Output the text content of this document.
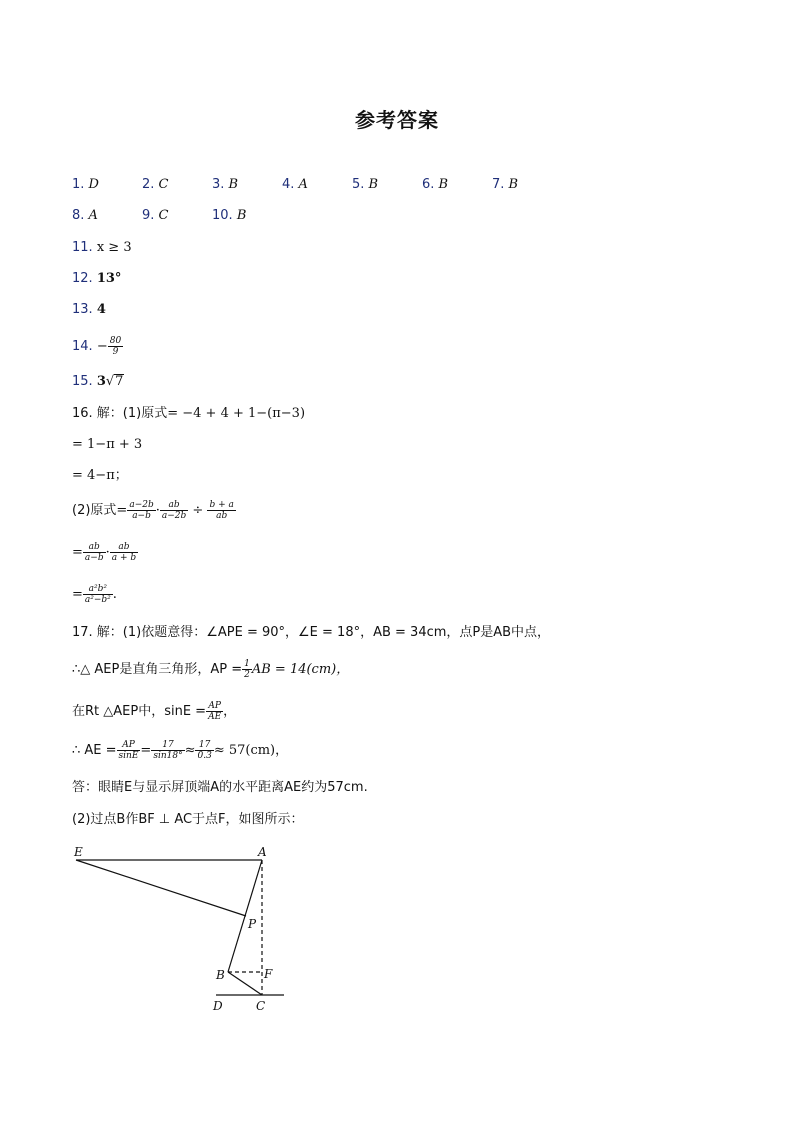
参考答案
1. D	2. C	3. B	4. A	5. B	6. B	7. B
8. A	9. C	10. B
11. x ≥ 3
12. 13°
13. 4
14. − $\frac{80}{9}$
15. 3√7
16. 解：(1)原式= −4 + 4 + 1−(π−3)
= 1−π + 3
= 4−π；
(2)原式= $\frac{a-2b}{a-b} \cdot \frac{ab}{a-2b} \div \frac{b + a}{ab}$
= $\frac{ab}{a-b} \cdot \frac{ab}{a + b}$
= $\frac{\text{a²b²}}{\text{a²−b²}}$ .
17. 解：(1)依题意得：∠APE = 90°，∠E = 18°，AB = 34cm，点P是AB中点，
∴△ AEP是直角三角形，AP = $\frac{1}{2}$ AB = 14(cm)，
在Rt △AEP中，$\sin E = \frac{AP}{AE}$ ，
∴ AE = $\frac{AP}{\sin E} = \frac{17}{\sin 18^\circ} \approx \frac{17}{0.3} \approx 57(cm)$，
答：眼睛E与显示屏顶端A的水平距离AE约为57cm.
(2)过点B作BF ⊥ AC于点F，如图所示：
E	A
P
B	F
D	C
